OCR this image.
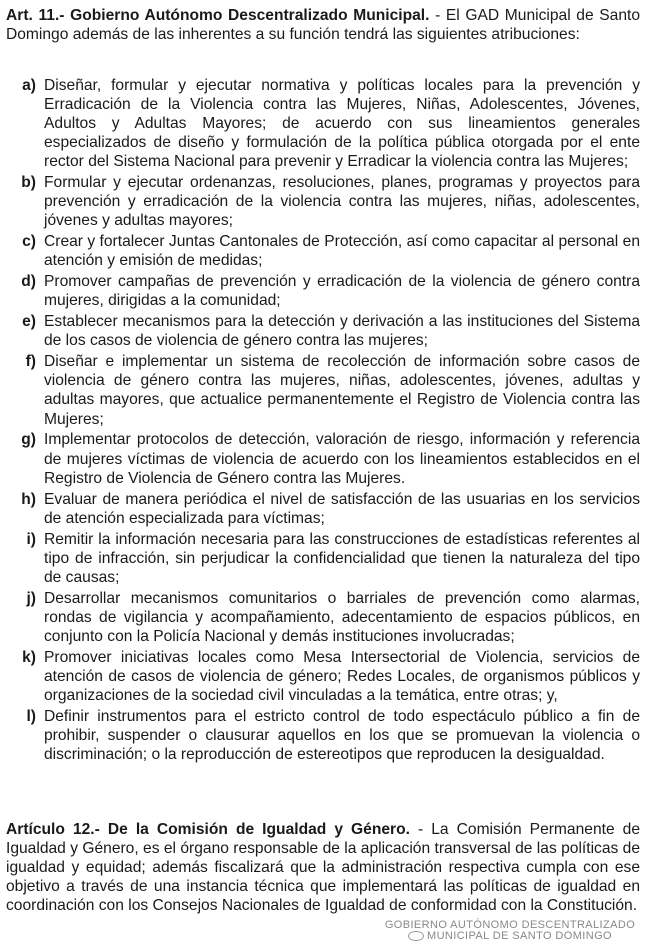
Art. 11.- Gobierno Autónomo Descentralizado Municipal. - El GAD Municipal de Santo Domingo además de las inherentes a su función tendrá las siguientes atribuciones:

a) Diseñar, formular y ejecutar normativa y políticas locales para la prevención y Erradicación de la Violencia contra las Mujeres, Niñas, Adolescentes, Jóvenes, Adultos y Adultas Mayores; de acuerdo con sus lineamientos generales especializados de diseño y formulación de la política pública otorgada por el ente rector del Sistema Nacional para prevenir y Erradicar la violencia contra las Mujeres;
b) Formular y ejecutar ordenanzas, resoluciones, planes, programas y proyectos para prevención y erradicación de la violencia contra las mujeres, niñas, adolescentes, jóvenes y adultas mayores;
c) Crear y fortalecer Juntas Cantonales de Protección, así como capacitar al personal en atención y emisión de medidas;
d) Promover campañas de prevención y erradicación de la violencia de género contra mujeres, dirigidas a la comunidad;
e) Establecer mecanismos para la detección y derivación a las instituciones del Sistema de los casos de violencia de género contra las mujeres;
f) Diseñar e implementar un sistema de recolección de información sobre casos de violencia de género contra las mujeres, niñas, adolescentes, jóvenes, adultas y adultas mayores, que actualice permanentemente el Registro de Violencia contra las Mujeres;
g) Implementar protocolos de detección, valoración de riesgo, información y referencia de mujeres víctimas de violencia de acuerdo con los lineamientos establecidos en el Registro de Violencia de Género contra las Mujeres.
h) Evaluar de manera periódica el nivel de satisfacción de las usuarias en los servicios de atención especializada para víctimas;
i) Remitir la información necesaria para las construcciones de estadísticas referentes al tipo de infracción, sin perjudicar la confidencialidad que tienen la naturaleza del tipo de causas;
j) Desarrollar mecanismos comunitarios o barriales de prevención como alarmas, rondas de vigilancia y acompañamiento, adecentamiento de espacios públicos, en conjunto con la Policía Nacional y demás instituciones involucradas;
k) Promover iniciativas locales como Mesa Intersectorial de Violencia, servicios de atención de casos de violencia de género; Redes Locales, de organismos públicos y organizaciones de la sociedad civil vinculadas a la temática, entre otras; y,
l) Definir instrumentos para el estricto control de todo espectáculo público a fin de prohibir, suspender o clausurar aquellos en los que se promuevan la violencia o discriminación; o la reproducción de estereotipos que reproducen la desigualdad.

Artículo 12.- De la Comisión de Igualdad y Género. - La Comisión Permanente de Igualdad y Género, es el órgano responsable de la aplicación transversal de las políticas de igualdad y equidad; además fiscalizará que la administración respectiva cumpla con ese objetivo a través de una instancia técnica que implementará las políticas de igualdad en coordinación con los Consejos Nacionales de Igualdad de conformidad con la Constitución.

GOBIERNO AUTÓNOMO DESCENTRALIZADO
MUNICIPAL DE SANTO DOMINGO
